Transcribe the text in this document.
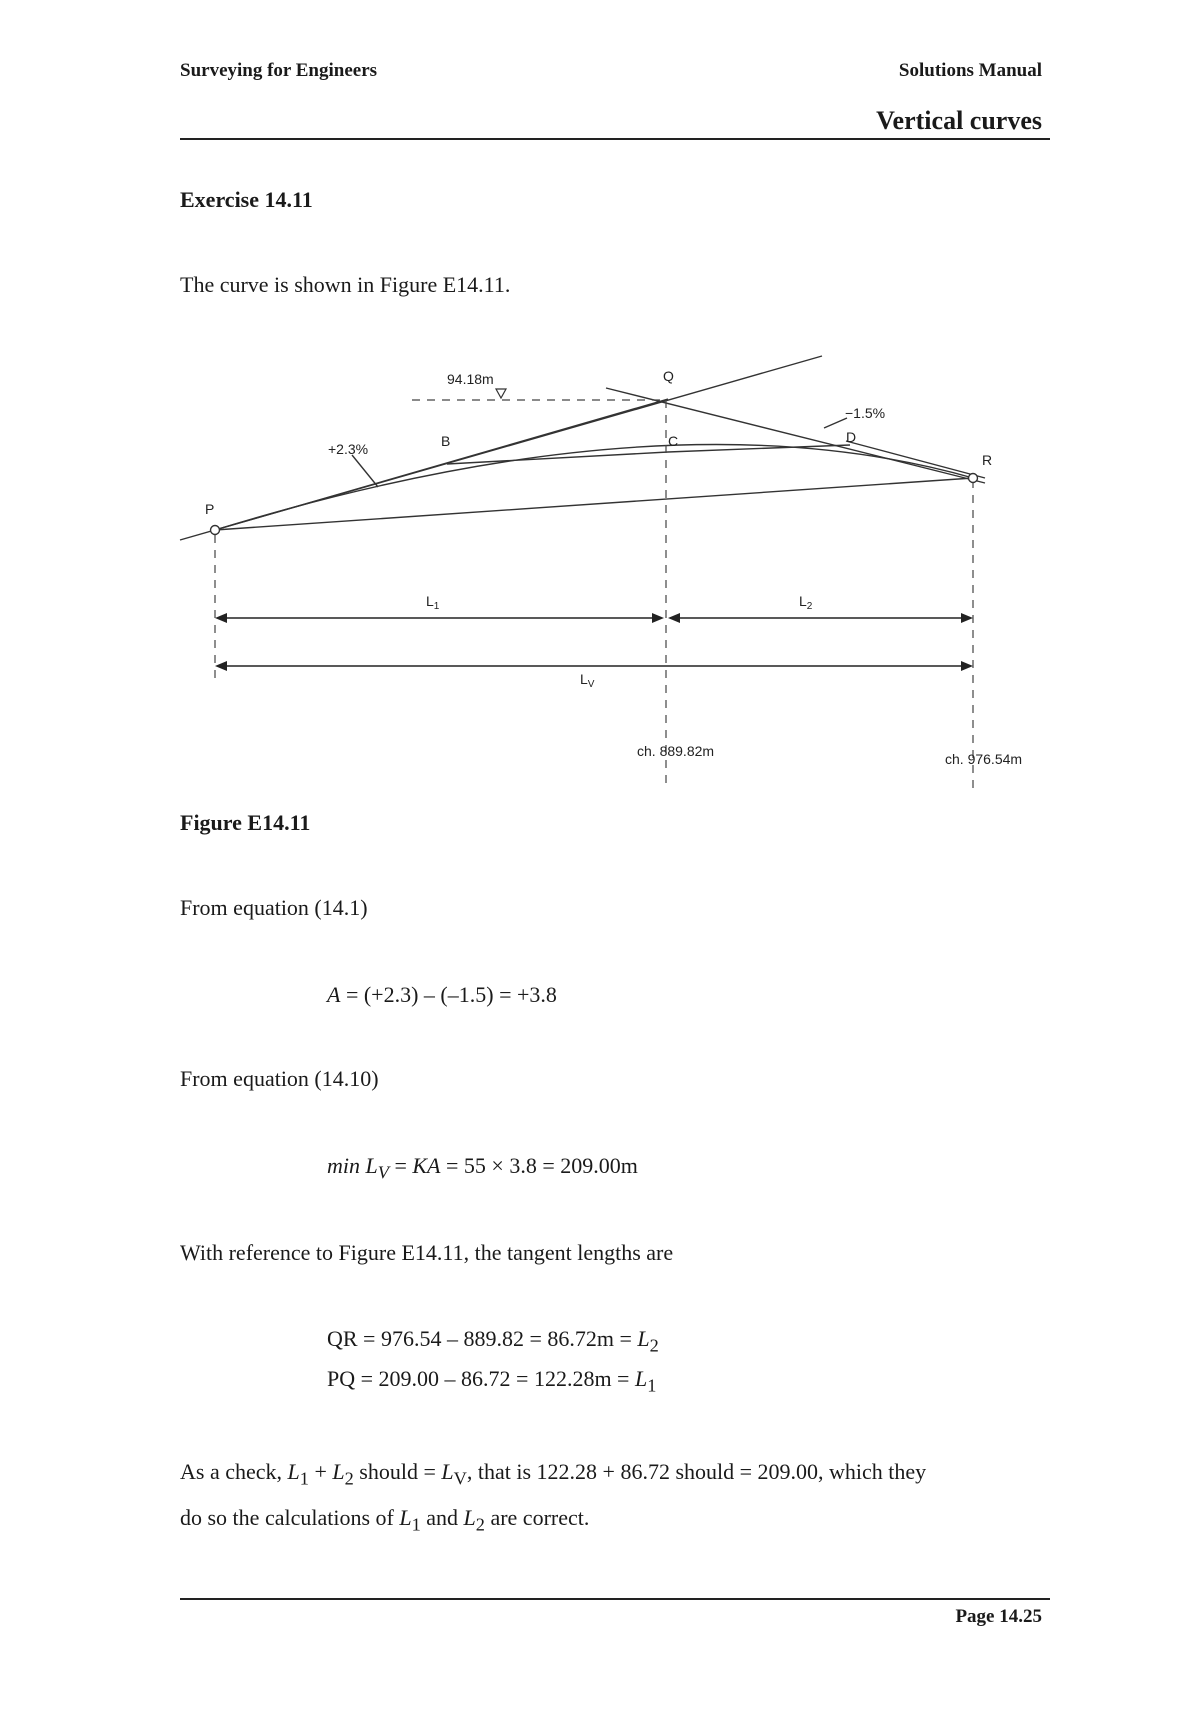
Surveying for Engineers	Solutions Manual
Vertical curves
Exercise 14.11
The curve is shown in Figure E14.11.
P
Q
R
B	C	D
+2.3%
−1.5%
94.18m
$L_1$	$L_2$
$L_V$
ch. 889.82m	ch. 976.54m
Figure E14.11
From equation (14.1)
A = (+2.3) – (–1.5) = +3.8
From equation (14.10)
$\min L_V$ = KA = 55 × 3.8 = 209.00m
With reference to Figure E14.11, the tangent lengths are
QR = $976.54 - 889.82 = 86.72m = L_2$
PQ = $209.00 - 86.72 = 122.28m = L_1$
As a check, $L_1 + L_2$ should = $L_V$, that is 122.28 + 86.72 should = 209.00, which they
do so the calculations of $L_1$ and $L_2$ are correct.
Page 14.25
